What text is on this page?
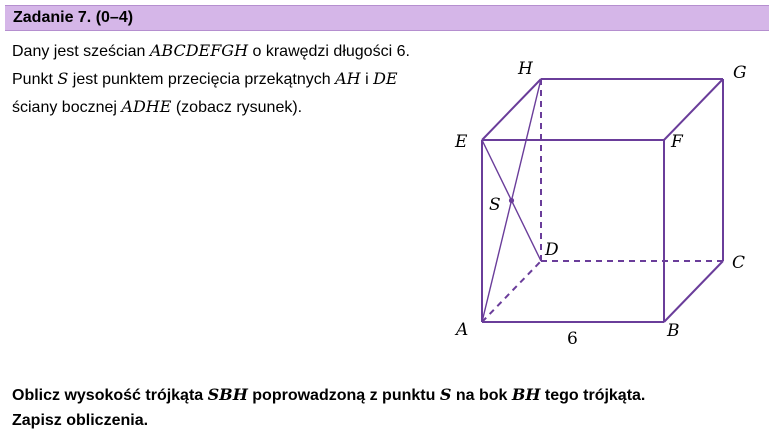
Zadanie 7. (0–4)
Dany jest sześcian ABCDEFGH o krawędzi długości 6. Punkt S jest punktem przecięcia przekątnych AH i DE ściany bocznej ADHE (zobacz rysunek).
A	B
C
D
E	F
G
H
S
6
Oblicz wysokość trójkąta SBH poprowadzoną z punktu S na bok BH tego trójkąta.
Zapisz obliczenia.
